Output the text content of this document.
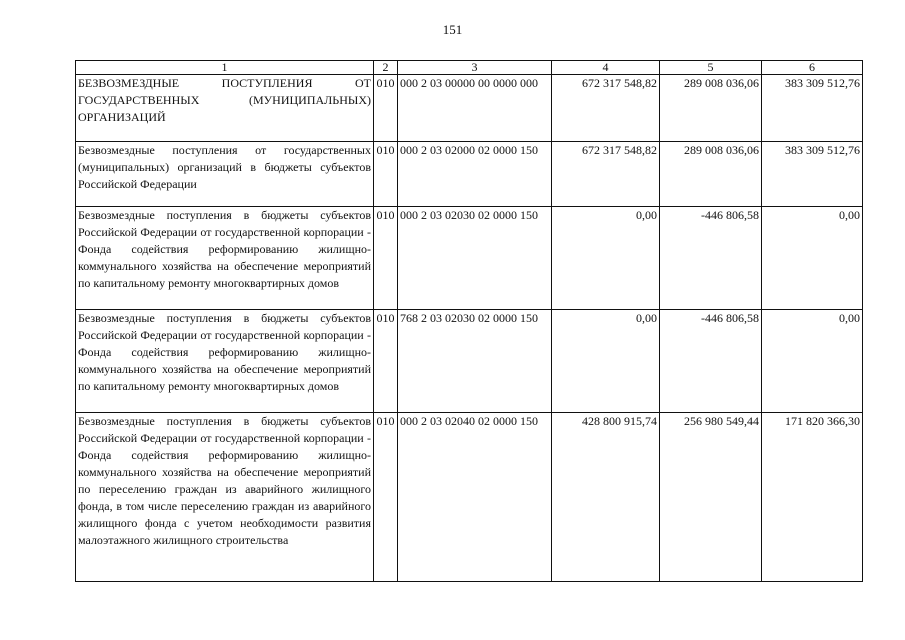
151
1	2	3	4	5	6
БЕЗВОЗМЕЗДНЫЕ ПОСТУПЛЕНИЯ ОТ ГОСУДАРСТВЕННЫХ (МУНИЦИПАЛЬНЫХ) ОРГАНИЗАЦИЙ	010	000 2 03 00000 00 0000 000	672 317 548,82	289 008 036,06	383 309 512,76
Безвозмездные поступления от государственных (муниципальных) организаций в бюджеты субъектов Российской Федерации	010	000 2 03 02000 02 0000 150	672 317 548,82	289 008 036,06	383 309 512,76
Безвозмездные поступления в бюджеты субъектов Российской Федерации от государственной корпорации - Фонда содействия реформированию жилищно-коммунального хозяйства на обеспечение мероприятий по капитальному ремонту многоквартирных домов	010	000 2 03 02030 02 0000 150	0,00	-446 806,58	0,00
Безвозмездные поступления в бюджеты субъектов Российской Федерации от государственной корпорации - Фонда содействия реформированию жилищно-коммунального хозяйства на обеспечение мероприятий по капитальному ремонту многоквартирных домов	010	768 2 03 02030 02 0000 150	0,00	-446 806,58	0,00
Безвозмездные поступления в бюджеты субъектов Российской Федерации от государственной корпорации - Фонда содействия реформированию жилищно-коммунального хозяйства на обеспечение мероприятий по переселению граждан из аварийного жилищного фонда, в том числе переселению граждан из аварийного жилищного фонда с учетом необходимости развития малоэтажного жилищного строительства	010	000 2 03 02040 02 0000 150	428 800 915,74	256 980 549,44	171 820 366,30
